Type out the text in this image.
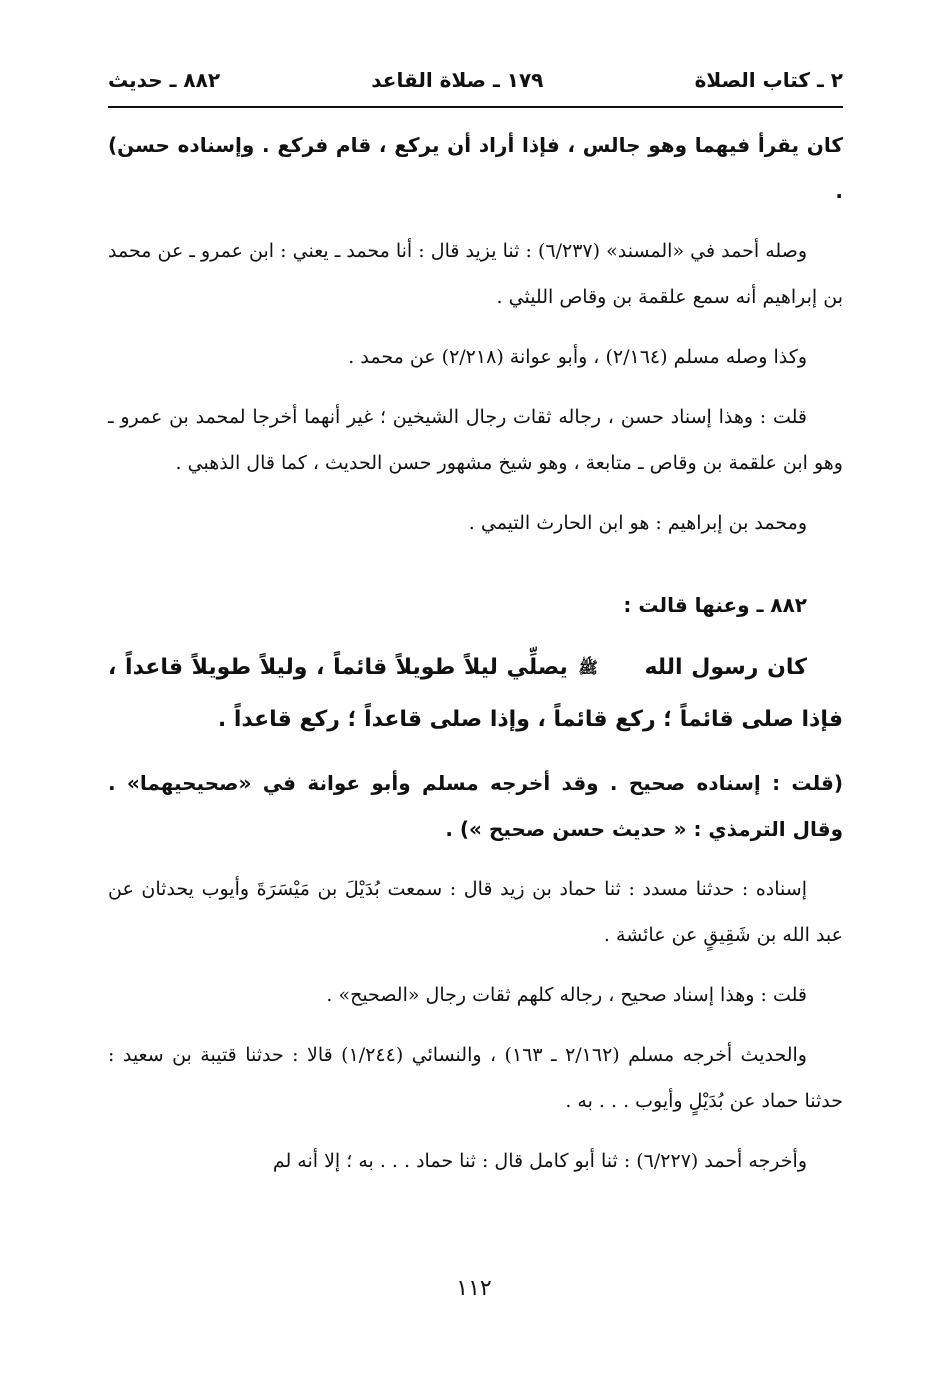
٢ ـ كتاب الصلاة
١٧٩ ـ صلاة القاعد
٨٨٢ ـ حديث

كان يقرأ فيهما وهو جالس ، فإذا أراد أن يركع ، قام فركع . وإسناده حسن) .

وصله أحمد في «المسند» (٦/٢٣٧) : ثنا يزيد قال : أنا محمد ـ يعني : ابن عمرو ـ عن محمد بن إبراهيم أنه سمع علقمة بن وقاص الليثي .

وكذا وصله مسلم (٢/١٦٤) ، وأبو عوانة (٢/٢١٨) عن محمد .

قلت : وهذا إسناد حسن ، رجاله ثقات رجال الشيخين ؛ غير أنهما أخرجا لمحمد بن عمرو ـ وهو ابن علقمة بن وقاص ـ متابعة ، وهو شيخ مشهور حسن الحديث ، كما قال الذهبي .

ومحمد بن إبراهيم : هو ابن الحارث التيمي .

٨٨٢ ـ وعنها قالت :

كان رسول الله ﷺ يصلِّي ليلاً طويلاً قائماً ، وليلاً طويلاً قاعداً ، فإذا صلى قائماً ؛ ركع قائماً ، وإذا صلى قاعداً ؛ ركع قاعداً .

(قلت : إسناده صحيح . وقد أخرجه مسلم وأبو عوانة في «صحيحيهما» . وقال الترمذي : « حديث حسن صحيح ») .

إسناده : حدثنا مسدد : ثنا حماد بن زيد قال : سمعت بُدَيْلَ بن مَيْسَرَةَ وأيوب يحدثان عن عبد الله بن شَقِيقٍ عن عائشة .

قلت : وهذا إسناد صحيح ، رجاله كلهم ثقات رجال «الصحيح» .

والحديث أخرجه مسلم (٢/١٦٢ ـ ١٦٣) ، والنسائي (١/٢٤٤) قالا : حدثنا قتيبة بن سعيد : حدثنا حماد عن بُدَيْلٍ وأيوب . . . به .

وأخرجه أحمد (٦/٢٢٧) : ثنا أبو كامل قال : ثنا حماد . . . به ؛ إلا أنه لم

١١٢
